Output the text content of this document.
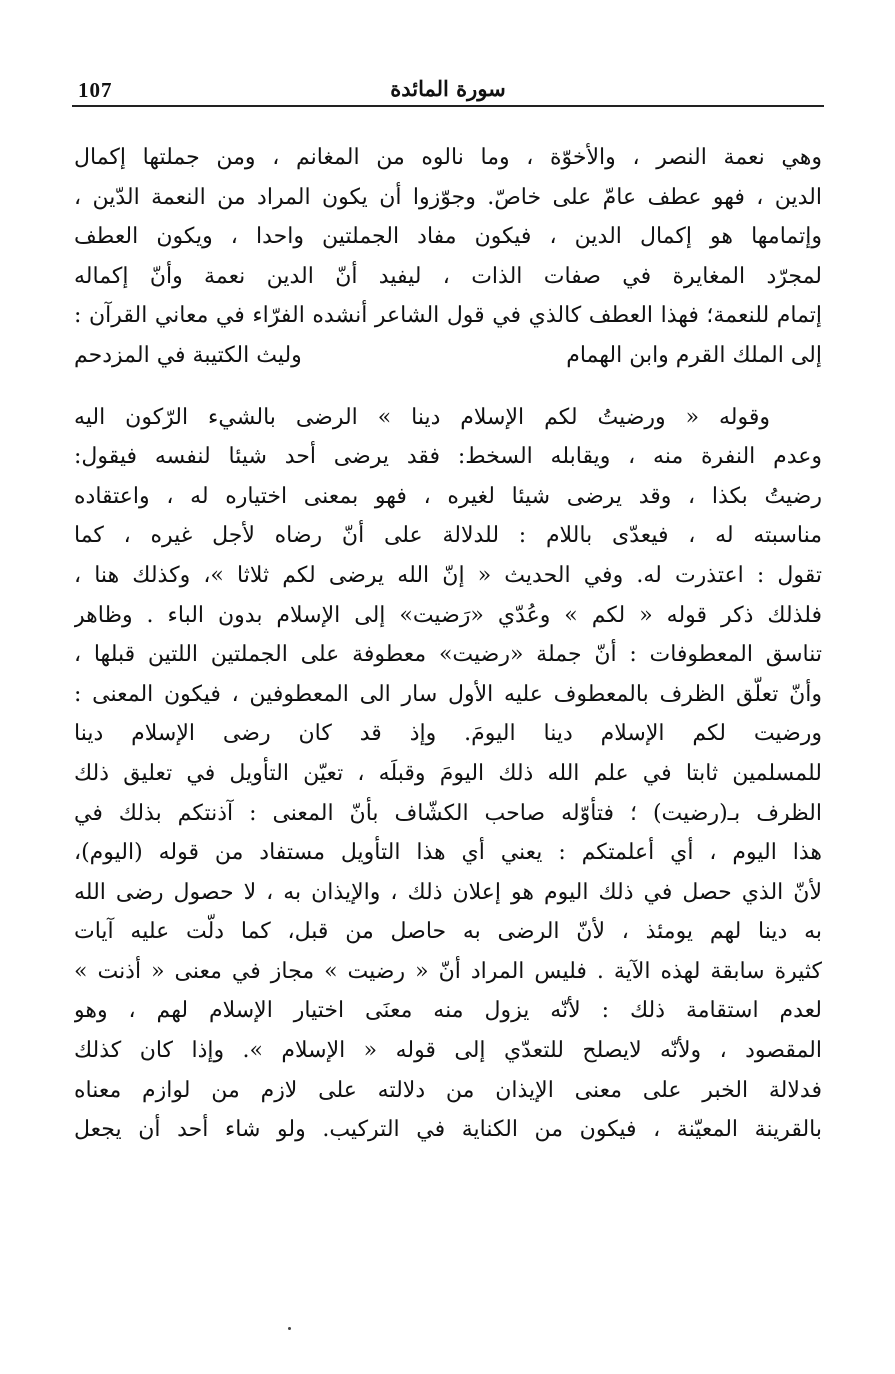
107	سورة المائدة
وهي نعمة النصر ، والأخوّة ، وما نالوه من المغانم ، ومن جملتها إكمال
الدين ، فهو عطف عامّ على خاصّ. وجوّزوا أن يكون المراد من النعمة الدّين ،
وإتمامها هو إكمال الدين ، فيكون مفاد الجملتين واحدا ، ويكون العطف
لمجرّد المغايرة في صفات الذات ، ليفيد أنّ الدين نعمة وأنّ إكماله
إتمام للنعمة؛ فهذا العطف كالذي في قول الشاعر أنشده الفرّاء في معاني القرآن :
إلى الملك القرم وابن الهمام
وليث الكتيبة في المزدحم
وقوله « ورضيتُ لكم الإسلام دينا » الرضى بالشيء الرّكون اليه
وعدم النفرة منه ، ويقابله السخط: فقد يرضى أحد شيئا لنفسه فيقول:
رضيتُ بكذا ، وقد يرضى شيئا لغيره ، فهو بمعنى اختياره له ، واعتقاده
مناسبته له ، فيعدّى باللام : للدلالة على أنّ رضاه لأجل غيره ، كما
تقول : اعتذرت له. وفي الحديث « إنّ الله يرضى لكم ثلاثا »، وكذلك هنا ،
فلذلك ذكر قوله « لكم » وعُدّي «رَضيت» إلى الإسلام بدون الباء . وظاهر
تناسق المعطوفات : أنّ جملة «رضيت» معطوفة على الجملتين اللتين قبلها ،
وأنّ تعلّق الظرف بالمعطوف عليه الأول سار الى المعطوفين ، فيكون المعنى :
ورضيت لكم الإسلام دينا اليومَ. وإذ قد كان رضى الإسلام دينا
للمسلمين ثابتا في علم الله ذلك اليومَ وقبلَه ، تعيّن التأويل في تعليق ذلك
الظرف بـ(رضيت) ؛ فتأوّله صاحب الكشّاف بأنّ المعنى : آذنتكم بذلك في
هذا اليوم ، أي أعلمتكم : يعني أي هذا التأويل مستفاد من قوله (اليوم)،
لأنّ الذي حصل في ذلك اليوم هو إعلان ذلك ، والإيذان به ، لا حصول رضى الله
به دينا لهم يومئذ ، لأنّ الرضى به حاصل من قبل، كما دلّت عليه آيات
كثيرة سابقة لهذه الآية . فليس المراد أنّ « رضيت » مجاز في معنى « أذنت »
لعدم استقامة ذلك : لأنّه يزول منه معنَى اختيار الإسلام لهم ، وهو
المقصود ، ولأنّه لايصلح للتعدّي إلى قوله « الإسلام ». وإذا كان كذلك
فدلالة الخبر على معنى الإيذان من دلالته على لازم من لوازم معناه
بالقرينة المعيّنة ، فيكون من الكناية في التركيب. ولو شاء أحد أن يجعل
